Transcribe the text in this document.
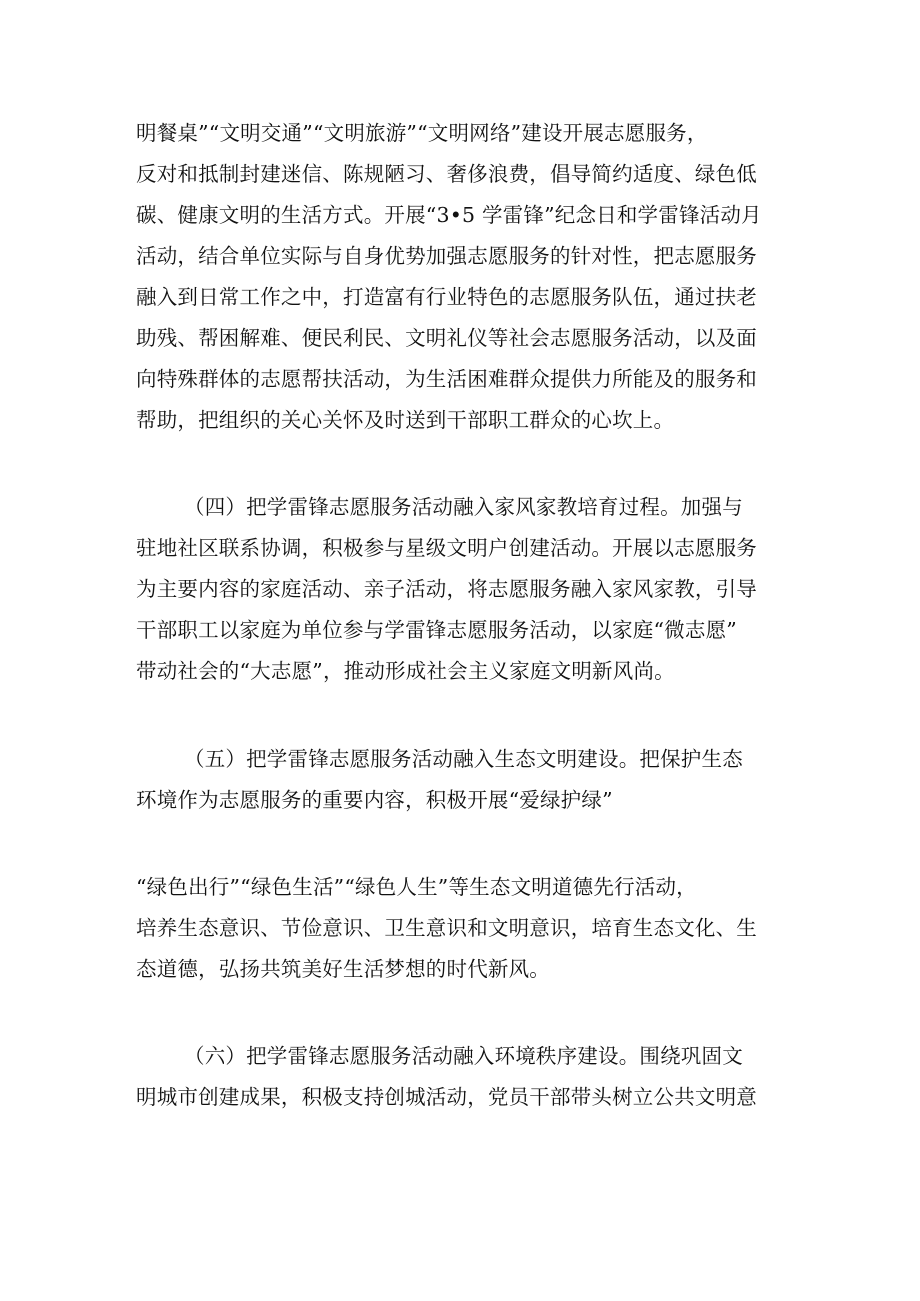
明餐桌”“文明交通”“文明旅游”“文明网络”建设开展志愿服务，
反对和抵制封建迷信、陈规陋习、奢侈浪费，倡导简约适度、绿色低
碳、健康文明的生活方式。开展“3•5 学雷锋”纪念日和学雷锋活动月
活动，结合单位实际与自身优势加强志愿服务的针对性，把志愿服务
融入到日常工作之中，打造富有行业特色的志愿服务队伍，通过扶老
助残、帮困解难、便民利民、文明礼仪等社会志愿服务活动，以及面
向特殊群体的志愿帮扶活动，为生活困难群众提供力所能及的服务和
帮助，把组织的关心关怀及时送到干部职工群众的心坎上。
（四）把学雷锋志愿服务活动融入家风家教培育过程。加强与
驻地社区联系协调，积极参与星级文明户创建活动。开展以志愿服务
为主要内容的家庭活动、亲子活动，将志愿服务融入家风家教，引导
干部职工以家庭为单位参与学雷锋志愿服务活动，以家庭“微志愿”
带动社会的“大志愿”，推动形成社会主义家庭文明新风尚。
（五）把学雷锋志愿服务活动融入生态文明建设。把保护生态
环境作为志愿服务的重要内容，积极开展“爱绿护绿”
“绿色出行”“绿色生活”“绿色人生”等生态文明道德先行活动，
培养生态意识、节俭意识、卫生意识和文明意识，培育生态文化、生
态道德，弘扬共筑美好生活梦想的时代新风。
（六）把学雷锋志愿服务活动融入环境秩序建设。围绕巩固文
明城市创建成果，积极支持创城活动，党员干部带头树立公共文明意
